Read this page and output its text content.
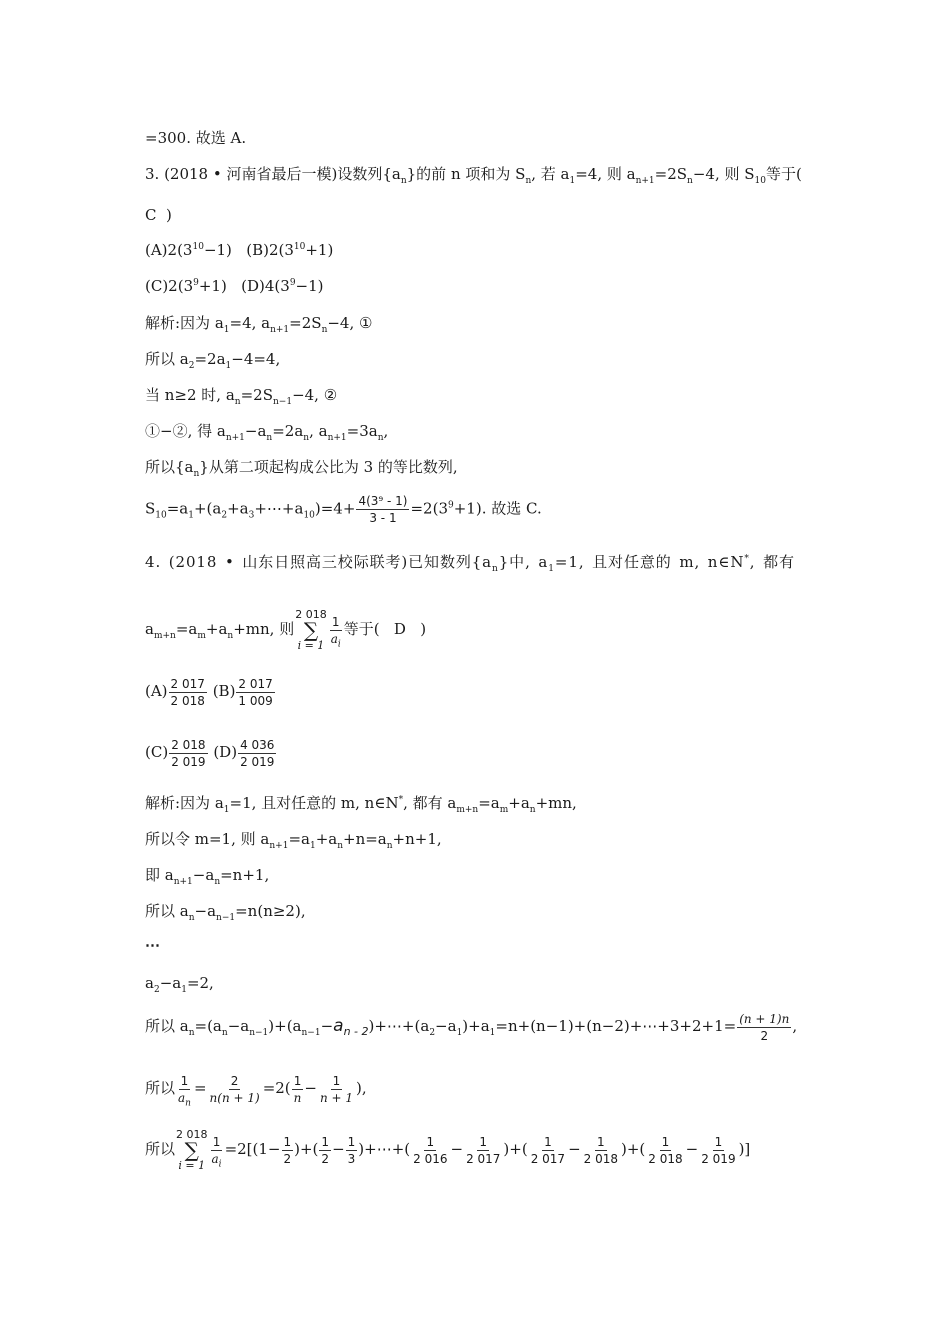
=300. 故选 A.
3. (2018 • 河南省最后一模)设数列$\{a_n\}$的前 n 项和为 $S_n$, 若 $a_1=4$, 则 $a_{n+1}=2S_n-4$, 则 $S_{10}$等于(
C  )
$(A)2(3^{10}-1)$ $(B)2(3^{10}+1)$
$(C)2(3^9+1)$ $(D)4(3^9-1)$
解析:因为 $a_1=4$, $a_{n+1}=2S_n-4$, ①
所以 $a_2=2a_1-4=4$,
当 n≥2 时, $a_n=2S_{n-1}-4$, ②
①−②, 得 $a_{n+1}-a_n=2a_n$, $a_{n+1}=3a_n$,
所以$\{a_n\}$从第二项起构成公比为 3 的等比数列,
$S_{10}=a_1+(a_2+a_3+\cdots+a_{10})=4+ \frac{\text{4(3⁹ - 1)}}{3 - 1} =2(3^9+1)$. 故选 C.
4. (2018 • 山东日照高三校际联考)已知数列$\{a_n\}$中, $a_1=1$, 且对任意的 m, n∈N*, 都有
$a_{m+n}=a_m+a_n+mn$, 则
2 018
∑
$i = 1 \frac{1}{a_i}$ 等于( D   )
$(A) \frac{2 017}{2 018} (B) \frac{2 017}{1 009}$
$(C) \frac{2 018}{2 019} (D) \frac{4 036}{2 019}$
解析:因为 $a_1=1$, 且对任意的 m, n∈N*, 都有 $a_{m+n}=a_m+a_n+mn$,
所以令 m=1, 则 $a_{n+1}=a_1+a_n+n=a_n+n+1$,
即 $a_{n+1}-a_n=n+1$,
所以 $a_n-a_{n-1}=n(n\ge 2)$,
⋯
$a_2-a_1=2$,
所以 $a_n=(a_n-a_{n-1})+(a_{n-1}-a_{n - 2})+\cdots+(a_2-a_1)+a_1=n+(n-1)+(n-2)+\cdots+3+2+1= \frac{(n + 1)n}{2}$ ,
所以 $\frac{1}{a_n} = \frac{2}{n(n + 1)} =2( \frac{1}{n} - \frac{1}{n + 1}$ ),
所以
2 018
∑
$i = 1 \frac{1}{a_i} =2[(1- \frac{1}{2}$ )+( $\frac{1}{2} - \frac{1}{3}$ )+⋯+( $\frac{1}{2 016} - \frac{1}{2 017}$ )+( $\frac{1}{2 017} - \frac{1}{2 018}$ )+( $\frac{1}{2 018} - \frac{1}{2 019}$ )]
